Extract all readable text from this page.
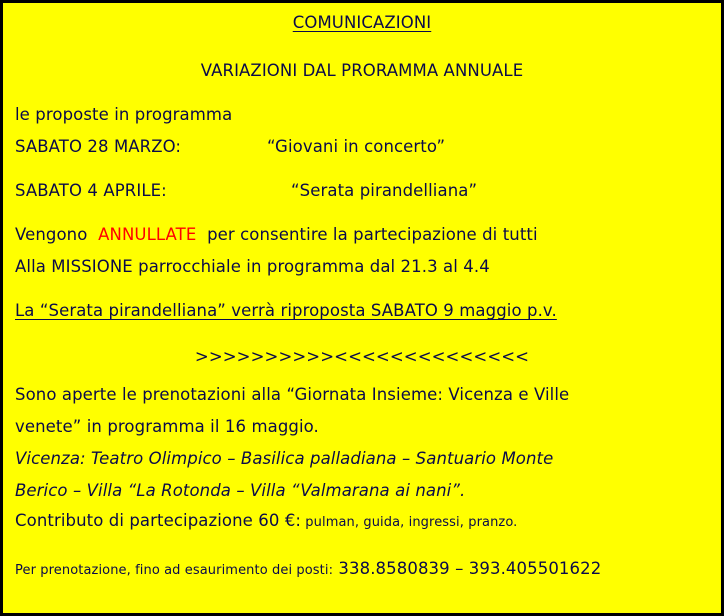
COMUNICAZIONI
VARIAZIONI DAL PRORAMMA ANNUALE
le proposte in programma
SABATO 28 MARZO:	“Giovani in concerto”
SABATO 4 APRILE:	“Serata pirandelliana”
Vengono  ANNULLATE  per consentire la partecipazione di tutti
Alla MISSIONE parrocchiale in programma dal 21.3 al 4.4
La “Serata pirandelliana” verrà riproposta SABATO 9 maggio p.v.
>>>>>>>>>><<<<<<<<<<<<<<
Sono aperte le prenotazioni alla “Giornata Insieme: Vicenza e Ville
venete” in programma il 16 maggio.
Vicenza: Teatro Olimpico – Basilica palladiana – Santuario Monte
Berico – Villa “La Rotonda – Villa “Valmarana ai nani”.
Contributo di partecipazione 60 €: pulman, guida, ingressi, pranzo.
Per prenotazione, fino ad esaurimento dei posti: 338.8580839 – 393.405501622
